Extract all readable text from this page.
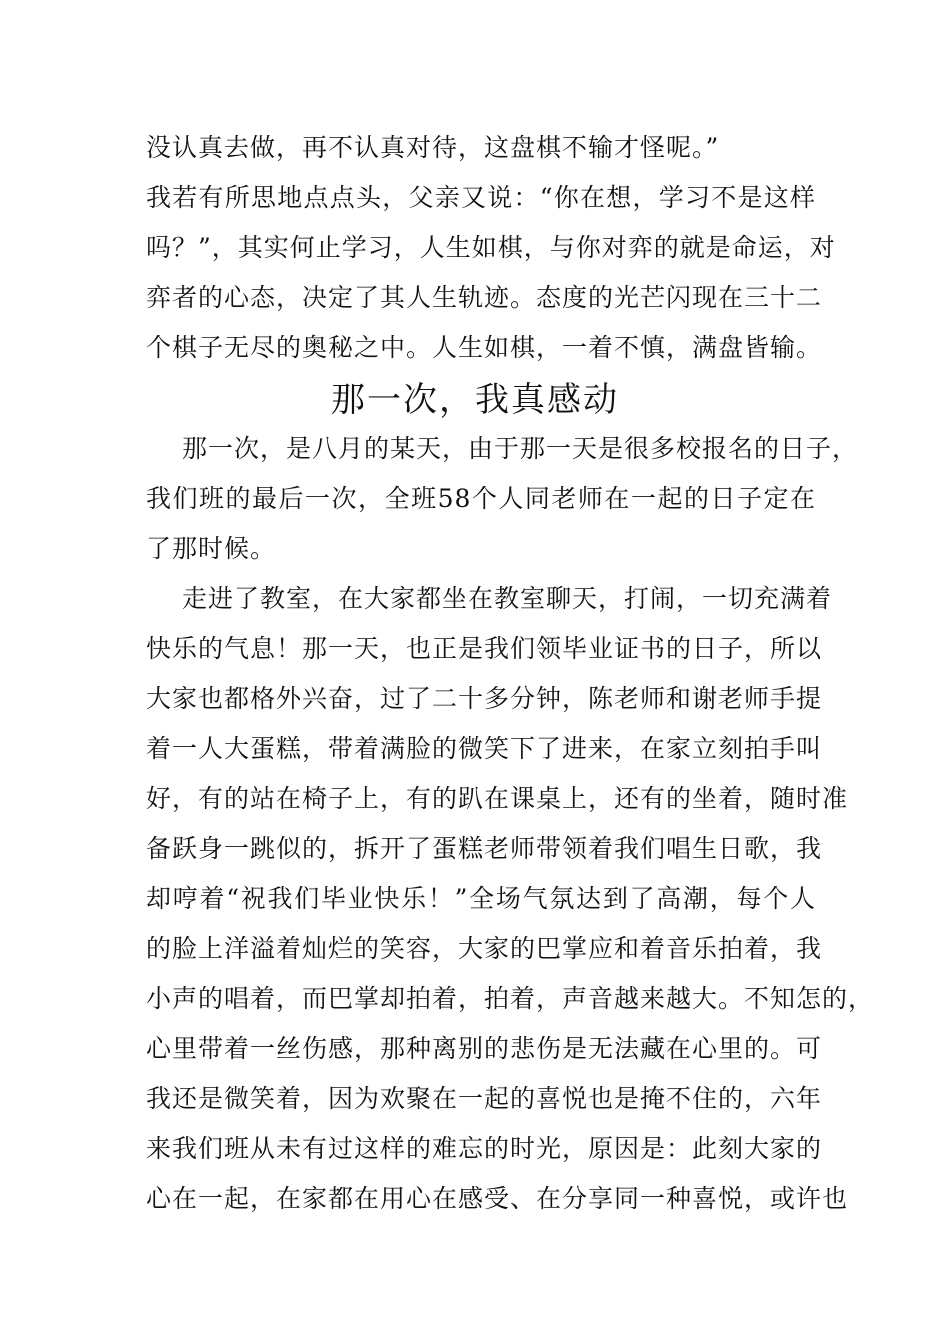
没认真去做，再不认真对待，这盘棋不输才怪呢。”
我若有所思地点点头，父亲又说：“你在想，学习不是这样
吗？”，其实何止学习，人生如棋，与你对弈的就是命运，对
弈者的心态，决定了其人生轨迹。态度的光芒闪现在三十二
个棋子无尽的奥秘之中。人生如棋，一着不慎，满盘皆输。
那一次，我真感动
那一次，是八月的某天，由于那一天是很多校报名的日子，
我们班的最后一次，全班58个人同老师在一起的日子定在
了那时候。
走进了教室，在大家都坐在教室聊天，打闹，一切充满着
快乐的气息！那一天，也正是我们领毕业证书的日子，所以
大家也都格外兴奋，过了二十多分钟，陈老师和谢老师手提
着一人大蛋糕，带着满脸的微笑下了进来，在家立刻拍手叫
好，有的站在椅子上，有的趴在课桌上，还有的坐着，随时准
备跃身一跳似的，拆开了蛋糕老师带领着我们唱生日歌，我
却哼着“祝我们毕业快乐！”全场气氛达到了高潮，每个人
的脸上洋溢着灿烂的笑容，大家的巴掌应和着音乐拍着，我
小声的唱着，而巴掌却拍着，拍着，声音越来越大。不知怎的，
心里带着一丝伤感，那种离别的悲伤是无法藏在心里的。可
我还是微笑着，因为欢聚在一起的喜悦也是掩不住的，六年
来我们班从未有过这样的难忘的时光，原因是：此刻大家的
心在一起，在家都在用心在感受、在分享同一种喜悦，或许也
